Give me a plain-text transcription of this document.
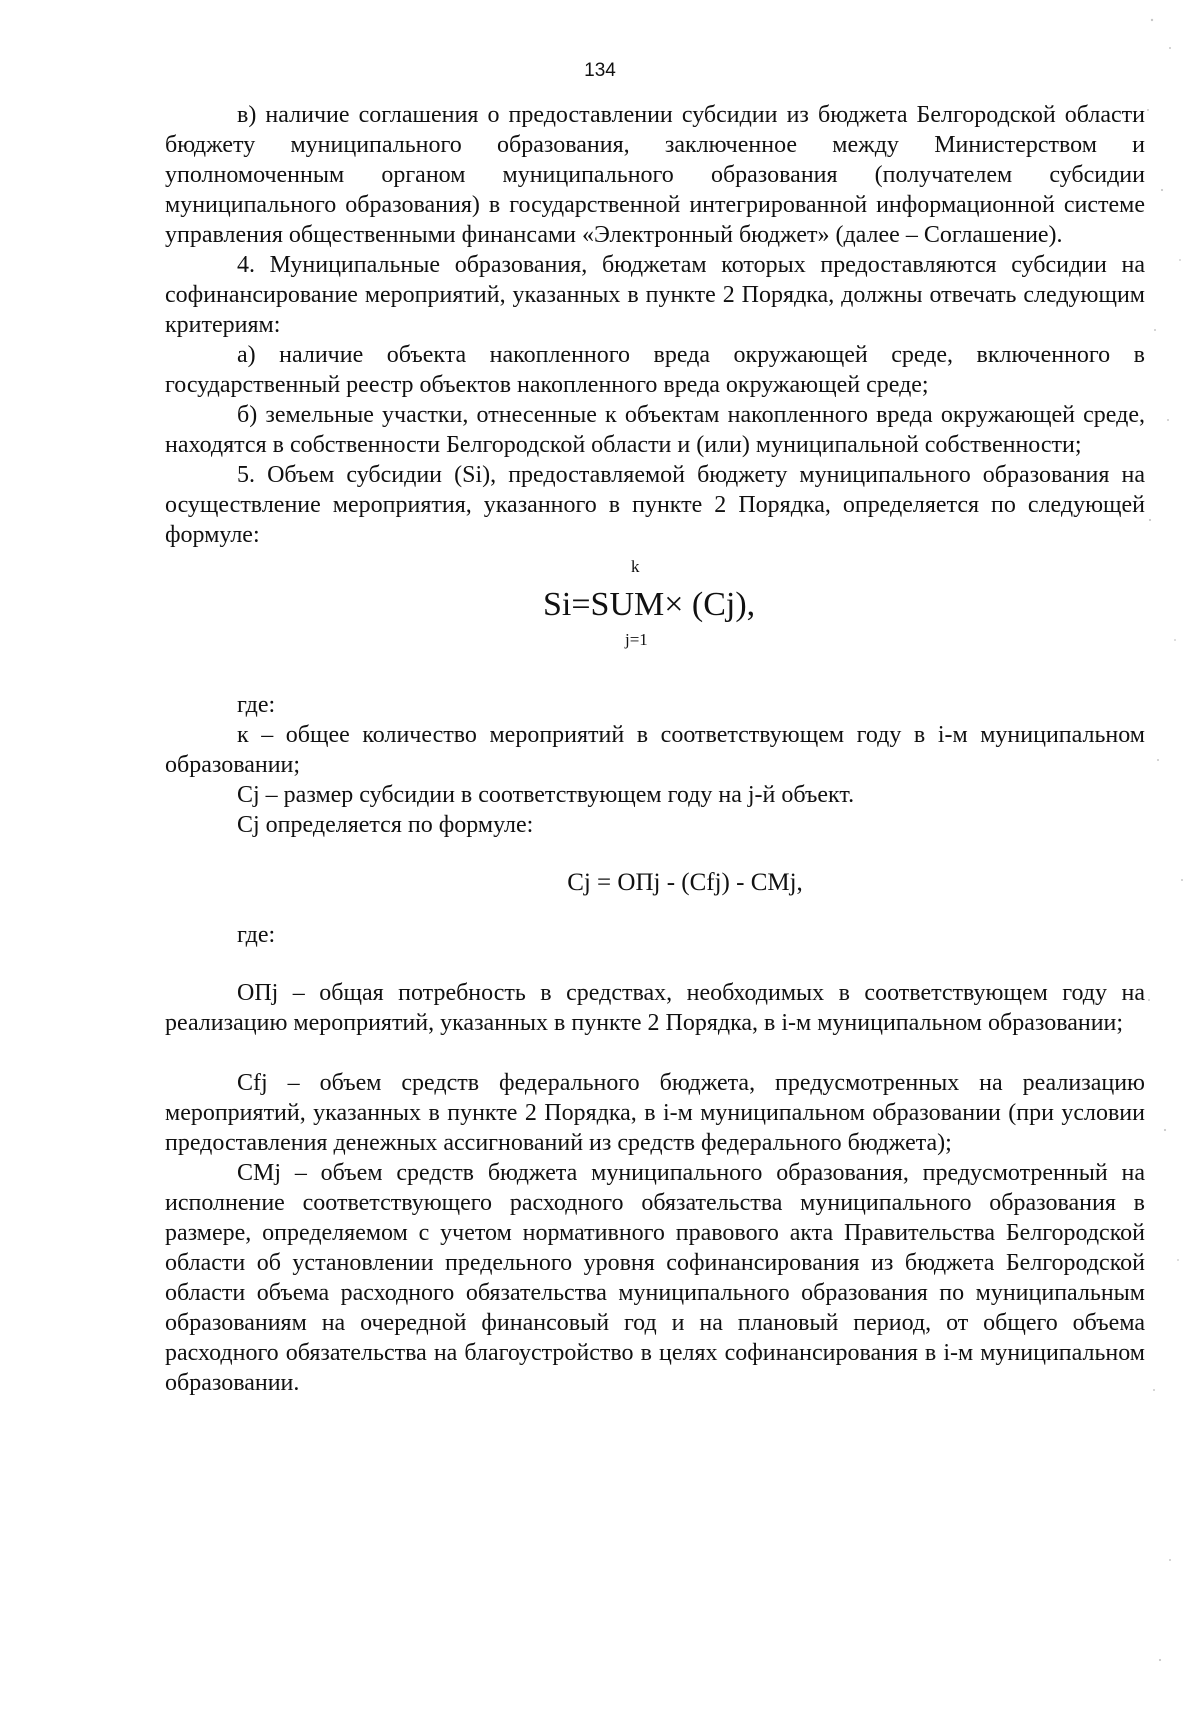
134

в) наличие соглашения о предоставлении субсидии из бюджета Белгородской области бюджету муниципального образования, заключенное между Министерством и уполномоченным органом муниципального образования (получателем субсидии муниципального образования) в государственной интегрированной информационной системе управления общественными финансами «Электронный бюджет» (далее – Соглашение).

4. Муниципальные образования, бюджетам которых предоставляются субсидии на софинансирование мероприятий, указанных в пункте 2 Порядка, должны отвечать следующим критериям:

а) наличие объекта накопленного вреда окружающей среде, включенного в государственный реестр объектов накопленного вреда окружающей среде;

б) земельные участки, отнесенные к объектам накопленного вреда окружающей среде, находятся в собственности Белгородской области и (или) муниципальной собственности;

5. Объем субсидии (Si), предоставляемой бюджету муниципального образования на осуществление мероприятия, указанного в пункте 2 Порядка, определяется по следующей формуле:

k
Si=SUM× (Cj),
j=1

где:

к – общее количество мероприятий в соответствующем году в i-м муниципальном образовании;

Cj – размер субсидии в соответствующем году на j-й объект.

Cj определяется по формуле:

Cj = ОПj - (Cfj) - CMj,

где:

ОПj – общая потребность в средствах, необходимых в соответствующем году на реализацию мероприятий, указанных в пункте 2 Порядка, в i-м муниципальном образовании;

Cfj – объем средств федерального бюджета, предусмотренных на реализацию мероприятий, указанных в пункте 2 Порядка, в i-м муниципальном образовании (при условии предоставления денежных ассигнований из средств федерального бюджета);

CMj – объем средств бюджета муниципального образования, предусмотренный на исполнение соответствующего расходного обязательства муниципального образования в размере, определяемом с учетом нормативного правового акта Правительства Белгородской области об установлении предельного уровня софинансирования из бюджета Белгородской области объема расходного обязательства муниципального образования по муниципальным образованиям на очередной финансовый год и на плановый период, от общего объема расходного обязательства на благоустройство в целях софинансирования в i-м муниципальном образовании.
